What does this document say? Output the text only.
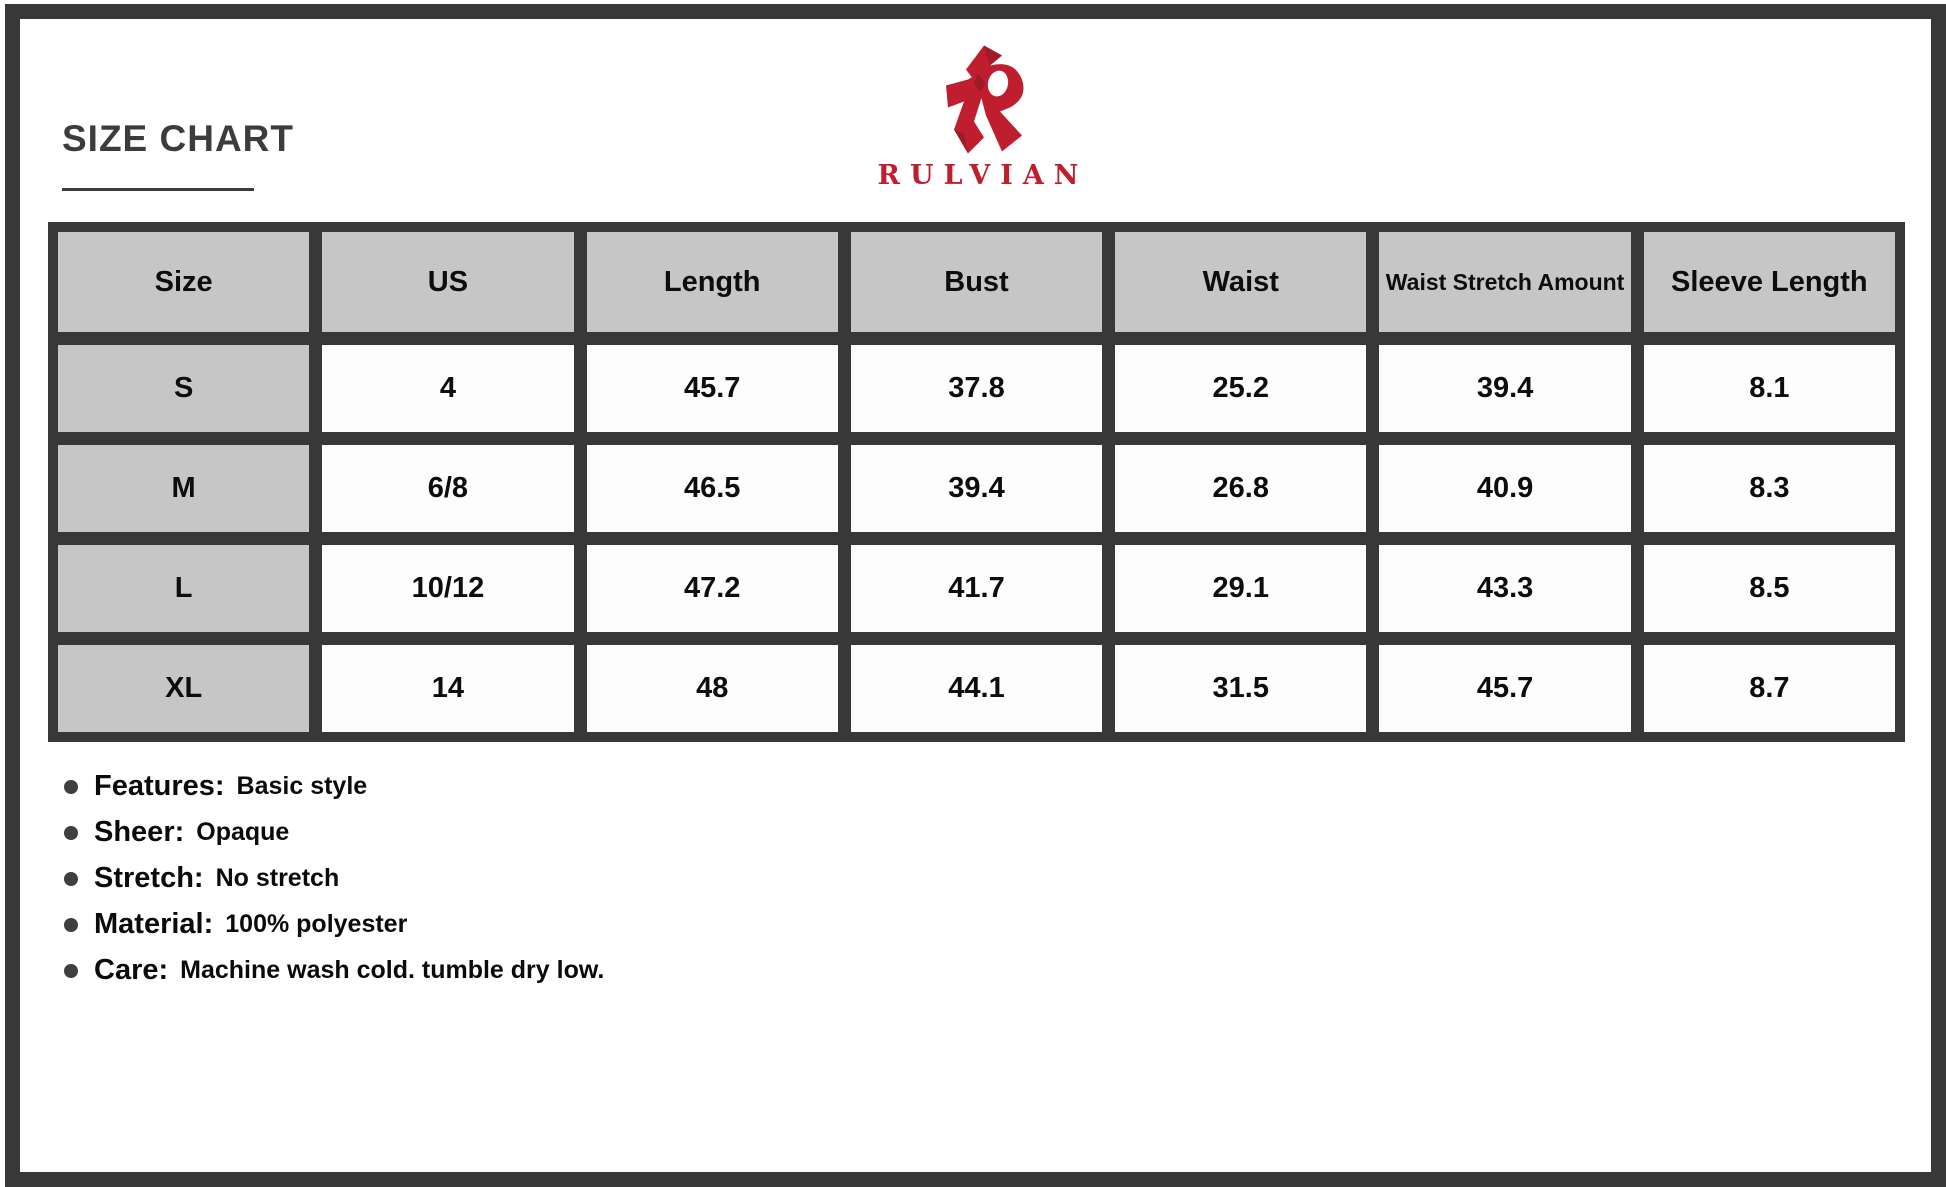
SIZE CHART
RULVIAN
Size	US	Length	Bust	Waist	Waist Stretch Amount	Sleeve Length
S	4	45.7	37.8	25.2	39.4	8.1
M	6/8	46.5	39.4	26.8	40.9	8.3
L	10/12	47.2	41.7	29.1	43.3	8.5
XL	14	48	44.1	31.5	45.7	8.7
Features: Basic style
Sheer: Opaque
Stretch: No stretch
Material: 100% polyester
Care: Machine wash cold. tumble dry low.
